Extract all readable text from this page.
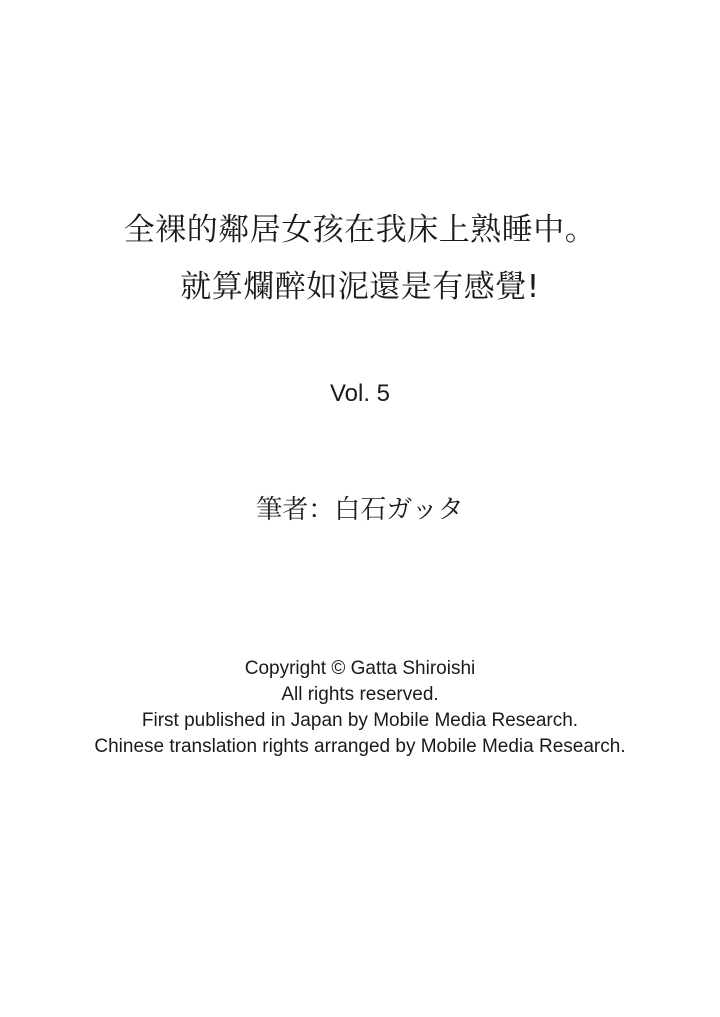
全裸的鄰居女孩在我床上熟睡中。
就算爛醉如泥還是有感覺!
Vol. 5
筆者：白石ガッタ
Copyright © Gatta Shiroishi
All rights reserved.
First published in Japan by Mobile Media Research.
Chinese translation rights arranged by Mobile Media Research.
